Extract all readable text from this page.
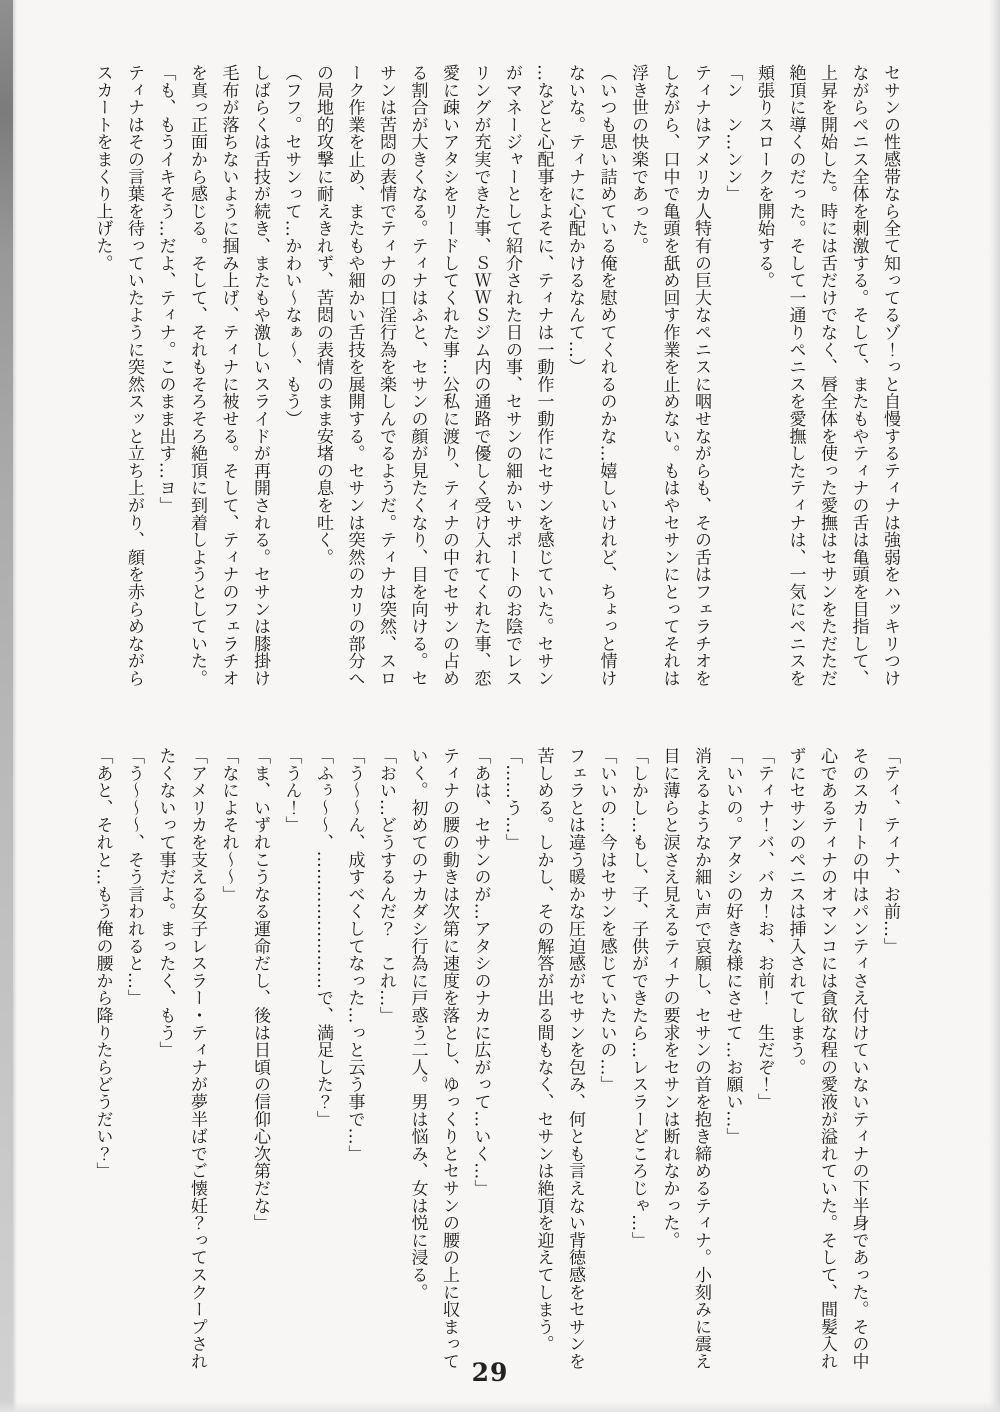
セサンの性感帯なら全て知ってるゾ！っと自慢するティナは強弱をハッキリつけ
ながらペニス全体を刺激する。そして、またもやティナの舌は亀頭を目指して、
上昇を開始した。時には舌だけでなく、唇全体を使った愛撫はセサンをただただ
絶頂に導くのだった。そして一通りペニスを愛撫したティナは、一気にペニスを
頬張りスロークを開始する。
「ン　ン…ンン」
ティナはアメリカ人特有の巨大なペニスに咽せながらも、その舌はフェラチオを
しながら、口中で亀頭を舐め回す作業を止めない。もはやセサンにとってそれは
浮き世の快楽であった。
（いつも思い詰めている俺を慰めてくれるのかな…嬉しいけれど、ちょっと情け
ないな。ティナに心配かけるなんて…）
…などと心配事をよそに、ティナは一動作一動作にセサンを感じていた。セサン
がマネージャーとして紹介された日の事、セサンの細かいサポートのお陰でレス
リングが充実できた事、ＳＷＷＳジム内の通路で優しく受け入れてくれた事、恋
愛に疎いアタシをリードしてくれた事…公私に渡り、ティナの中でセサンの占め
る割合が大きくなる。ティナはふと、セサンの顔が見たくなり、目を向ける。セ
サンは苦悶の表情でティナの口淫行為を楽しんでるようだ。ティナは突然、スロ
ーク作業を止め、またもや細かい舌技を展開する。セサンは突然のカリの部分へ
の局地的攻撃に耐えきれず、苦悶の表情のまま安堵の息を吐く。
（フフ。セサンって…かわい〜なぁ〜、もう）
しばらくは舌技が続き、またもや激しいスライドが再開される。セサンは膝掛け
毛布が落ちないように掴み上げ、ティナに被せる。そして、ティナのフェラチオ
を真っ正面から感じる。そして、それもそろそろ絶頂に到着しようとしていた。
「も、もうイキそう…だよ、ティナ。このまま出す…ヨ」
ティナはその言葉を待っていたように突然スッと立ち上がり、顔を赤らめながら
スカートをまくり上げた。
「ティ、ティナ、お前…」
そのスカートの中はパンティさえ付けていないティナの下半身であった。その中
心であるティナのオマンコには貪欲な程の愛液が溢れていた。そして、間髪入れ
ずにセサンのペニスは挿入されてしまう。
「ティナ！バ、バカ！お、お前！　生だぞ！」
「いいの。アタシの好きな様にさせて…お願い…」
消えるようなか細い声で哀願し、セサンの首を抱き締めるティナ。小刻みに震え
目に薄らと涙さえ見えるティナの要求をセサンは断れなかった。
「しかし…もし、子、子供ができたら…レスラーどころじゃ…」
「いいの…今はセサンを感じていたいの…」
フェラとは違う暖かな圧迫感がセサンを包み、何とも言えない背徳感をセサンを
苦しめる。しかし、その解答が出る間もなく、セサンは絶頂を迎えてしまう。
「……う…」
「あは、セサンのが…アタシのナカに広がって…いく…」
ティナの腰の動きは次第に速度を落とし、ゆっくりとセサンの腰の上に収まって
いく。初めてのナカダシ行為に戸惑う二人。男は悩み、女は悦に浸る。
「おい…どうするんだ？　これ…」
「う〜〜ん、成すべくしてなった…っと云う事で…」
「ふぅ〜〜、……………………で、満足した？」
「うん！」
「ま、いずれこうなる運命だし、後は日頃の信仰心次第だな」
「なによそれ〜〜」
「アメリカを支える女子レスラー・ティナが夢半ばでご懐妊？ってスクープされ
たくないって事だよ。まったく、もう」
「う〜〜〜、そう言われると…」
「あと、それと…もう俺の腰から降りたらどうだい？」
29
